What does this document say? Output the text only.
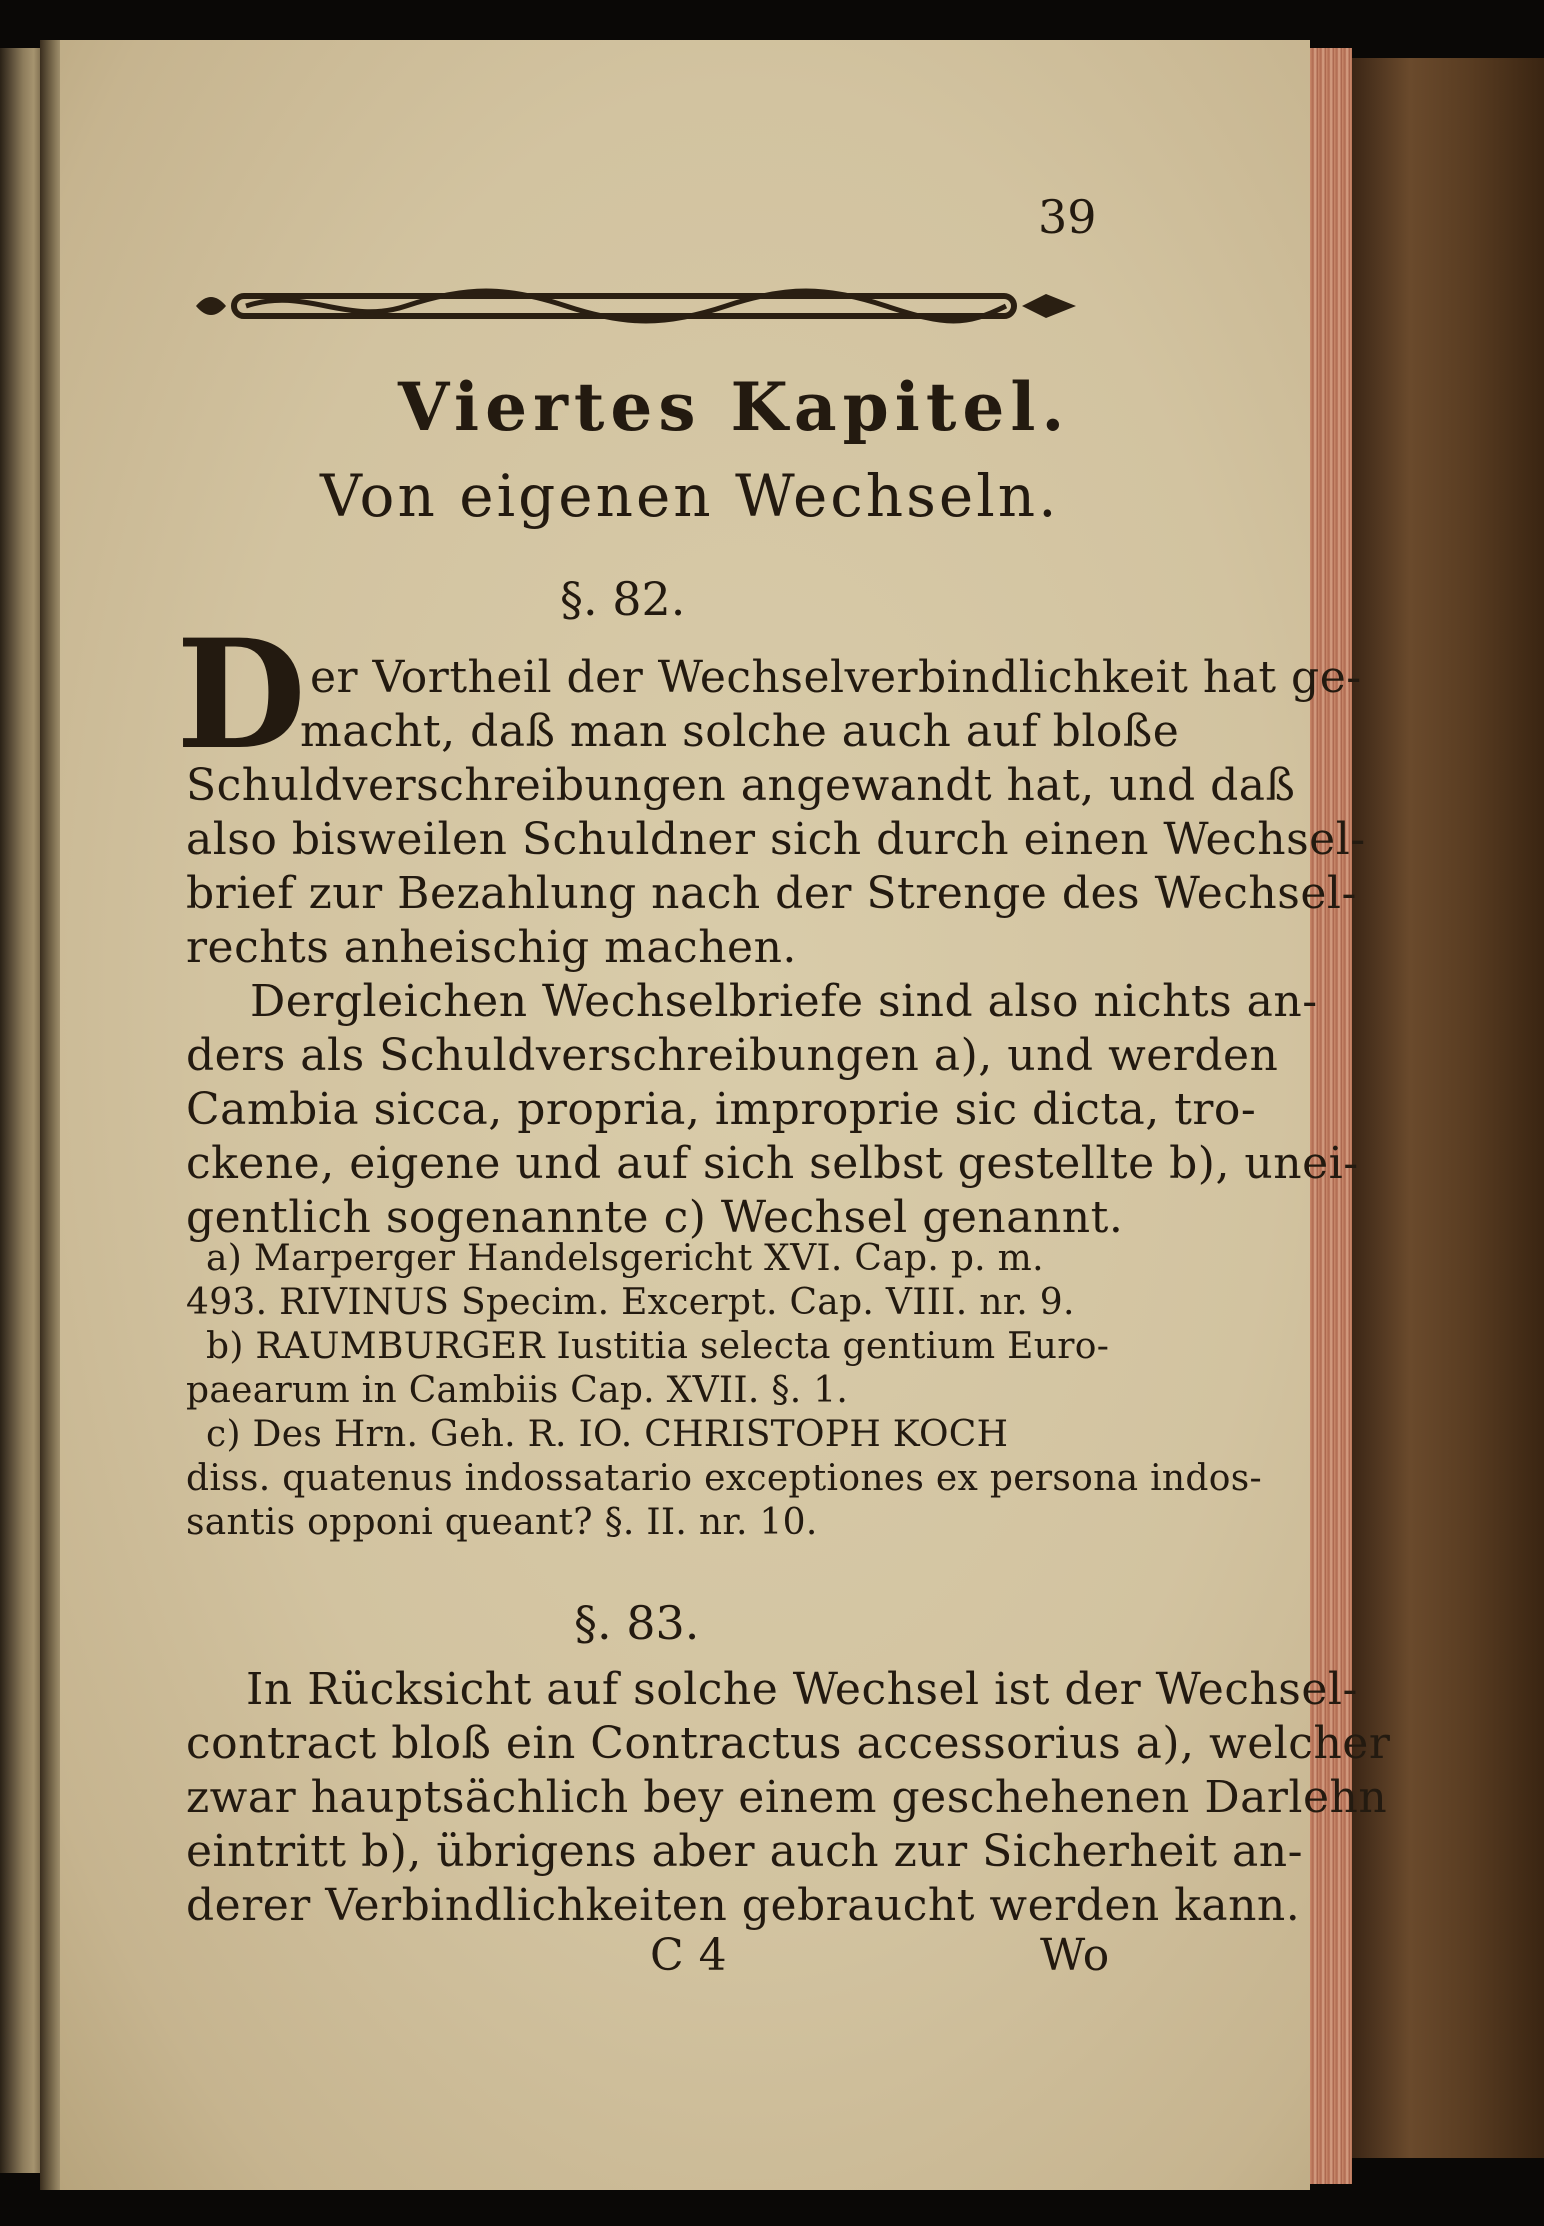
39
Viertes Kapitel.
Von eigenen Wechseln.
§. 82.
D er Vortheil der Wechselverbindlichkeit hat ge-
macht, daß man solche auch auf bloße
Schuldverschreibungen angewandt hat, und daß
also bisweilen Schuldner sich durch einen Wechsel-
brief zur Bezahlung nach der Strenge des Wechsel-
rechts anheischig machen.
Dergleichen Wechselbriefe sind also nichts an-
ders als Schuldverschreibungen a), und werden
Cambia sicca, propria, improprie sic dicta, tro-
ckene, eigene und auf sich selbst gestellte b), unei-
gentlich sogenannte c) Wechsel genannt.
a) Marperger Handelsgericht XVI. Cap. p. m.
493. RIVINUS Specim. Excerpt. Cap. VIII. nr. 9.
b) RAUMBURGER Iustitia selecta gentium Euro-
paearum in Cambiis Cap. XVII. §. 1.
c) Des Hrn. Geh. R. IO. CHRISTOPH KOCH
diss. quatenus indossatario exceptiones ex persona indos-
santis opponi queant? §. II. nr. 10.
§. 83.
In Rücksicht auf solche Wechsel ist der Wechsel-
contract bloß ein Contractus accessorius a), welcher
zwar hauptsächlich bey einem geschehenen Darlehn
eintritt b), übrigens aber auch zur Sicherheit an-
derer Verbindlichkeiten gebraucht werden kann.
C 4	Wo
